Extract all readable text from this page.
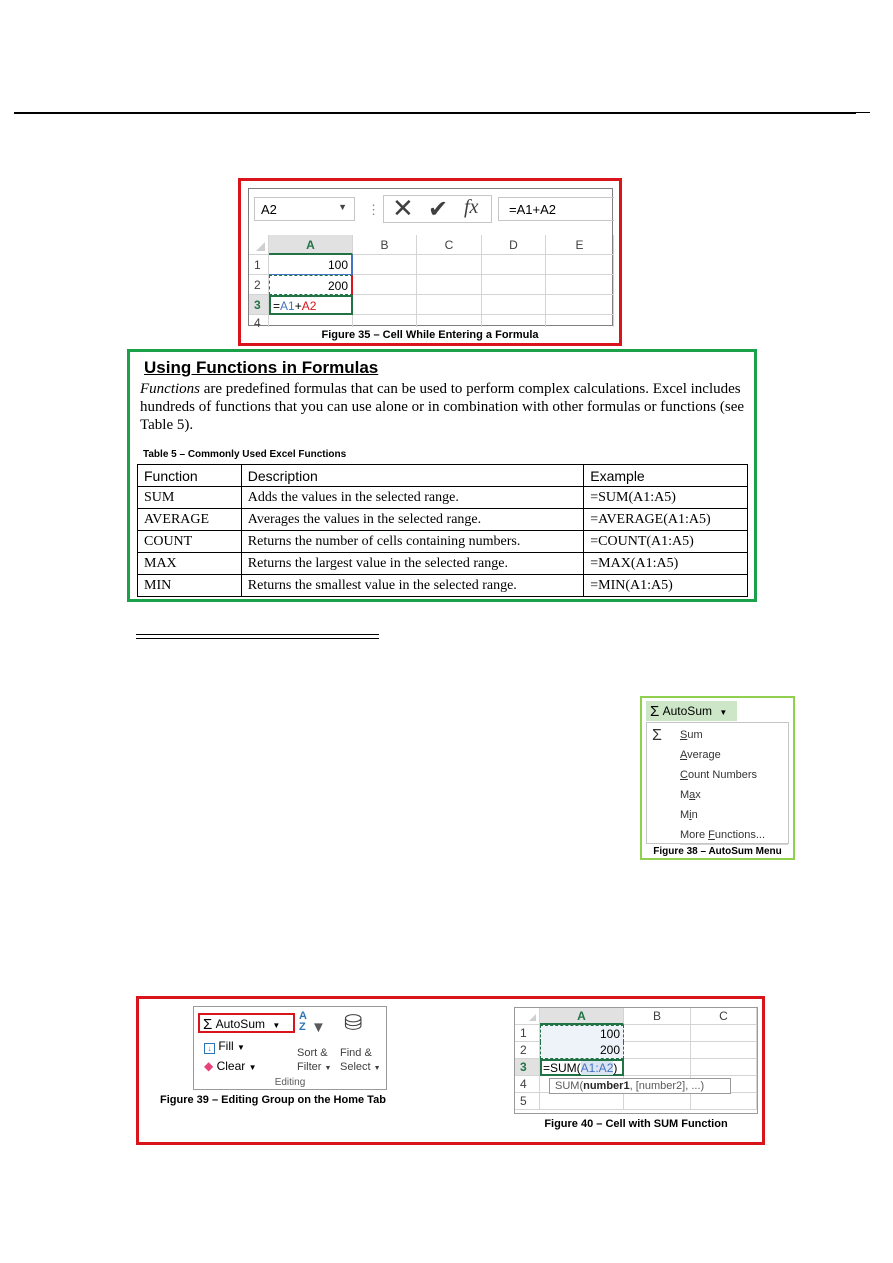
A2	▼ ⋮ ✕ ✔ fx	=A1+A2
A	B	C	D	E
1	100
2	200
3	=A1+A2
4
Figure 35 – Cell While Entering a Formula
Using Functions in Formulas

Functions are predefined formulas that can be used to perform complex calculations. Excel includes hundreds of functions that you can use alone or in combination with other formulas or functions (see Table 5).

Table 5 – Commonly Used Excel Functions
Function	Description	Example
SUM	Adds the values in the selected range.	=SUM(A1:A5)
AVERAGE	Averages the values in the selected range.	=AVERAGE(A1:A5)
COUNT	Returns the number of cells containing numbers.	=COUNT(A1:A5)
MAX	Returns the largest value in the selected range.	=MAX(A1:A5)
MIN	Returns the smallest value in the selected range.	=MIN(A1:A5)
Σ AutoSum ▼
Σ Sum
Average
Count Numbers
Max
Min
More Functions...
Figure 38 – AutoSum Menu
Σ AutoSum ▼
↓ Fill ▼
◆ Clear ▼
A
Z ▼ ⛁
Sort &
Filter ▼
Find &
Select ▼
Editing
Figure 39 – Editing Group on the Home Tab
A	B	C
1	100
2	200
3	=SUM(A1:A2)
4
5
SUM(number1, [number2], ...)
Figure 40 – Cell with SUM Function
